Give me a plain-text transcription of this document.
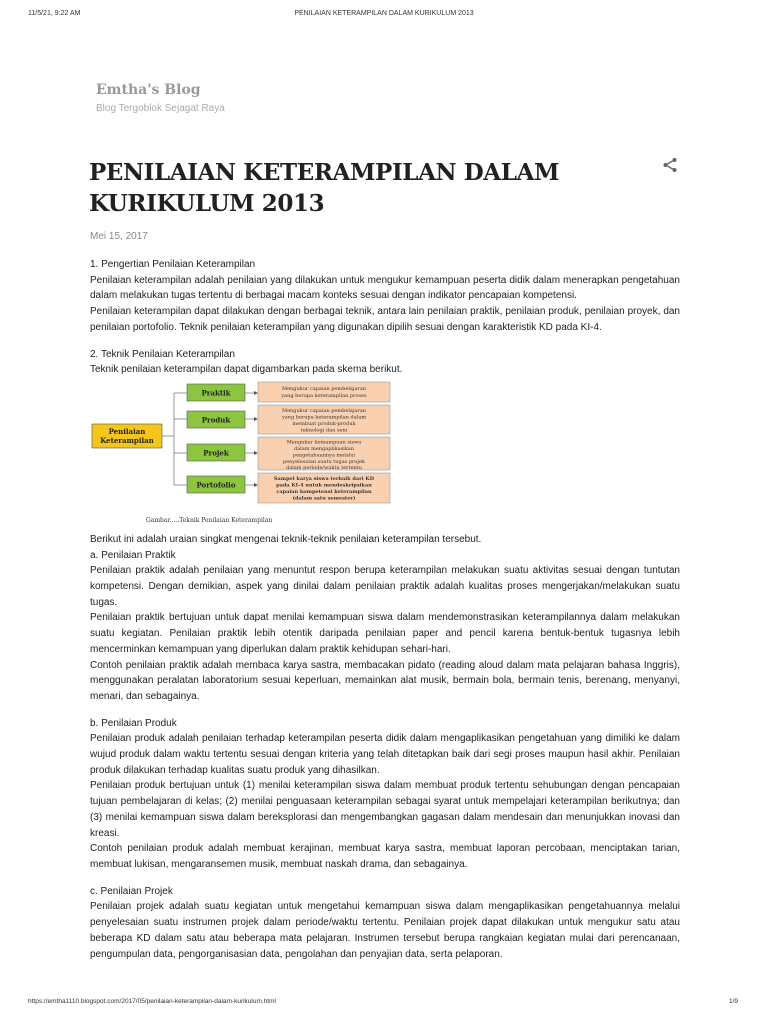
11/5/21, 9:22 AM	PENILAIAN KETERAMPILAN DALAM KURIKULUM 2013
Emtha's Blog

Blog Tergoblok Sejagat Raya

PENILAIAN KETERAMPILAN DALAM KURIKULUM 2013
Mei 15, 2017

1. Pengertian Penilaian Keterampilan

Penilaian keterampilan adalah penilaian yang dilakukan untuk mengukur kemampuan peserta didik dalam menerapkan pengetahuan dalam melakukan tugas tertentu di berbagai macam konteks sesuai dengan indikator pencapaian kompetensi.

Penilaian keterampilan dapat dilakukan dengan berbagai teknik, antara lain penilaian praktik, penilaian produk, penilaian proyek, dan penilaian portofolio. Teknik penilaian keterampilan yang digunakan dipilih sesuai dengan karakteristik KD pada KI-4.

2. Teknik Penilaian Keterampilan

Teknik penilaian keterampilan dapat digambarkan pada skema berikut.

Penilaian
Keterampilan
Praktik
Produk
Projek
Portofolio
Mengukur capaian pembelajaran
yang berupa keterampilan proses
Mengukur capaian pembelajaran
yang berupa keterampilan dalam
membuat produk-produk
teknologi dan seni
Mengukur kemampuan siswa
dalam mengaplikasikan
pengetahuannya melalui
penyelesaian suatu tugas projek
dalam periode/waktu tertentu
Sampel karya siswa terbaik dari KD
pada KI-4 untuk mendeskripsikan
capaian kompetensi keterampilan
(dalam satu semester)
Gambar.....Teknik Penilaian Keterampilan

Berikut ini adalah uraian singkat mengenai teknik-teknik penilaian keterampilan tersebut.

a. Penilaian Praktik

Penilaian praktik adalah penilaian yang menuntut respon berupa keterampilan melakukan suatu aktivitas sesuai dengan tuntutan kompetensi. Dengan demikian, aspek yang dinilai dalam penilaian praktik adalah kualitas proses mengerjakan/melakukan suatu tugas.

Penilaian praktik bertujuan untuk dapat menilai kemampuan siswa dalam mendemonstrasikan keterampilannya dalam melakukan suatu kegiatan. Penilaian praktik lebih otentik daripada penilaian paper and pencil karena bentuk-bentuk tugasnya lebih mencerminkan kemampuan yang diperlukan dalam praktik kehidupan sehari-hari.

Contoh penilaian praktik adalah membaca karya sastra, membacakan pidato (reading aloud dalam mata pelajaran bahasa Inggris), menggunakan peralatan laboratorium sesuai keperluan, memainkan alat musik, bermain bola, bermain tenis, berenang, menyanyi, menari, dan sebagainya.

b. Penilaian Produk

Penilaian produk adalah penilaian terhadap keterampilan peserta didik dalam mengaplikasikan pengetahuan yang dimiliki ke dalam wujud produk dalam waktu tertentu sesuai dengan kriteria yang telah ditetapkan baik dari segi proses maupun hasil akhir. Penilaian produk dilakukan terhadap kualitas suatu produk yang dihasilkan.

Penilaian produk bertujuan untuk (1) menilai keterampilan siswa dalam membuat produk tertentu sehubungan dengan pencapaian tujuan pembelajaran di kelas; (2) menilai penguasaan keterampilan sebagai syarat untuk mempelajari keterampilan berikutnya; dan (3) menilai kemampuan siswa dalam bereksplorasi dan mengembangkan gagasan dalam mendesain dan menunjukkan inovasi dan kreasi.

Contoh penilaian produk adalah membuat kerajinan, membuat karya sastra, membuat laporan percobaan, menciptakan tarian, membuat lukisan, mengaransemen musik, membuat naskah drama, dan sebagainya.

c. Penilaian Projek

Penilaian projek adalah suatu kegiatan untuk mengetahui kemampuan siswa dalam mengaplikasikan pengetahuannya melalui penyelesaian suatu instrumen projek dalam periode/waktu tertentu. Penilaian projek dapat dilakukan untuk mengukur satu atau beberapa KD dalam satu atau beberapa mata pelajaran. Instrumen tersebut berupa rangkaian kegiatan mulai dari perencanaan, pengumpulan data, pengorganisasian data, pengolahan dan penyajian data, serta pelaporan.

https://emtha1110.blogspot.com/2017/05/penilaian-keterampilan-dalam-kurikulum.html	1/9
